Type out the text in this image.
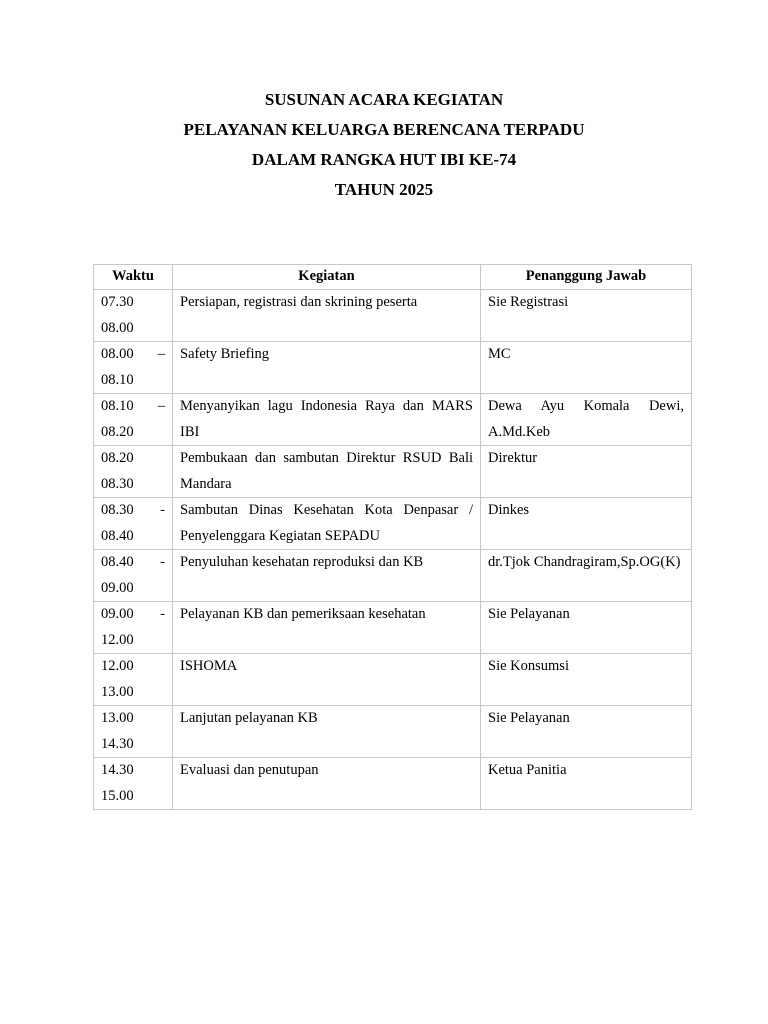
SUSUNAN ACARA KEGIATAN
PELAYANAN KELUARGA BERENCANA TERPADU
DALAM RANGKA HUT IBI KE-74
TAHUN 2025
Waktu	Kegiatan	Penanggung Jawab

07.30
08.00	Persiapan, registrasi dan skrining peserta	Sie Registrasi

08.00 –
08.10	Safety Briefing	MC

08.10 –
08.20	Menyanyikan lagu Indonesia Raya dan MARS IBI	Dewa Ayu Komala Dewi, A.Md.Keb

08.20
08.30	Pembukaan dan sambutan Direktur RSUD Bali Mandara	Direktur

08.30 -
08.40	Sambutan Dinas Kesehatan Kota Denpasar / Penyelenggara Kegiatan SEPADU	Dinkes

08.40 -
09.00	Penyuluhan kesehatan reproduksi dan KB	dr.Tjok Chandragiram,Sp.OG(K)

09.00 -
12.00	Pelayanan KB dan pemeriksaan kesehatan	Sie Pelayanan

12.00
13.00	ISHOMA	Sie Konsumsi

13.00
14.30	Lanjutan pelayanan KB	Sie Pelayanan

14.30
15.00	Evaluasi dan penutupan	Ketua Panitia
